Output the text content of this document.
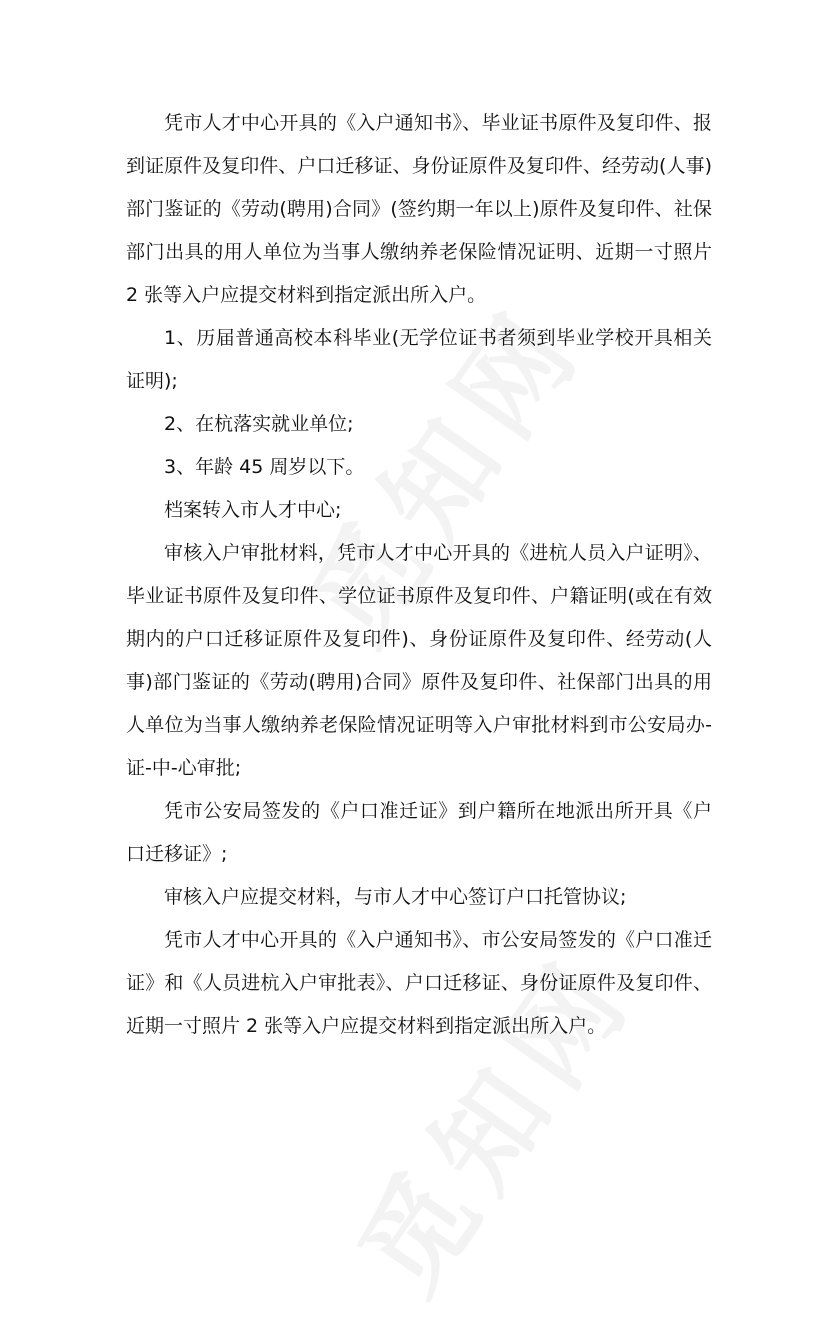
凭市人才中心开具的《入户通知书》、毕业证书原件及复印件、报到证原件及复印件、户口迁移证、身份证原件及复印件、经劳动(人事)部门鉴证的《劳动(聘用)合同》(签约期一年以上)原件及复印件、社保部门出具的用人单位为当事人缴纳养老保险情况证明、近期一寸照片 2 张等入户应提交材料到指定派出所入户。

1、历届普通高校本科毕业(无学位证书者须到毕业学校开具相关证明);

2、在杭落实就业单位;

3、年龄 45 周岁以下。

档案转入市人才中心;

审核入户审批材料，凭市人才中心开具的《进杭人员入户证明》、毕业证书原件及复印件、学位证书原件及复印件、户籍证明(或在有效期内的户口迁移证原件及复印件)、身份证原件及复印件、经劳动(人事)部门鉴证的《劳动(聘用)合同》原件及复印件、社保部门出具的用人单位为当事人缴纳养老保险情况证明等入户审批材料到市公安局办-证-中-心审批;

凭市公安局签发的《户口准迁证》到户籍所在地派出所开具《户口迁移证》;

审核入户应提交材料，与市人才中心签订户口托管协议;

凭市人才中心开具的《入户通知书》、市公安局签发的《户口准迁证》和《人员进杭入户审批表》、户口迁移证、身份证原件及复印件、近期一寸照片 2 张等入户应提交材料到指定派出所入户。
